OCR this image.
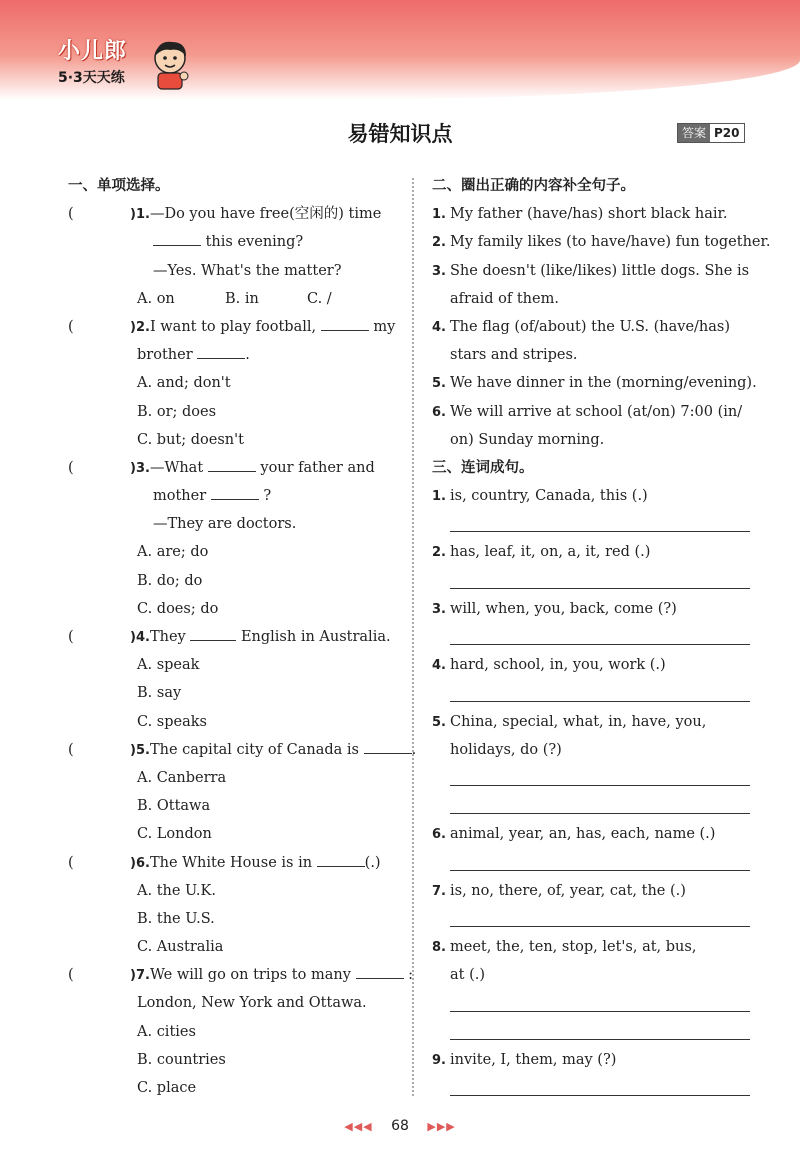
小儿郎
5·3天天练
易错知识点	答案 P20
一、单项选择。
(	)1.—Do you have free(空闲的) time
this evening?
—Yes. What's the matter?
A. on	B. in	C. /
(	)2.I want to play football,	my
brother	.
A. and; don't
B. or; does
C. but; doesn't
(	)3.—What	your father and
mother	?
—They are doctors.
A. are; do
B. do; do
C. does; do
(	)4.They	English in Australia.
A. speak
B. say
C. speaks
(	)5.The capital city of Canada is	.
A. Canberra
B. Ottawa
C. London
(	)6.The White House is in	(.)
A. the U.K.
B. the U.S.
C. Australia
(	)7.We will go on trips to many	:
London, New York and Ottawa.
A. cities
B. countries
C. place
二、圈出正确的内容补全句子。
1. My father (have/has) short black hair.
2. My family likes (to have/have) fun together.
3. She doesn't (like/likes) little dogs. She is
afraid of them.
4. The flag (of/about) the U.S. (have/has)
stars and stripes.
5. We have dinner in the (morning/evening).
6. We will arrive at school (at/on) 7:00 (in/
on) Sunday morning.
三、连词成句。
1. is, country, Canada, this (.)
2. has, leaf, it, on, a, it, red (.)
3. will, when, you, back, come (?)
4. hard, school, in, you, work (.)
5. China, special, what, in, have, you,
holidays, do (?)
6. animal, year, an, has, each, name (.)
7. is, no, there, of, year, cat, the (.)
8. meet, the, ten, stop, let's, at, bus,
at (.)
9. invite, I, them, may (?)
◀◀◀ 68 ▶▶▶
